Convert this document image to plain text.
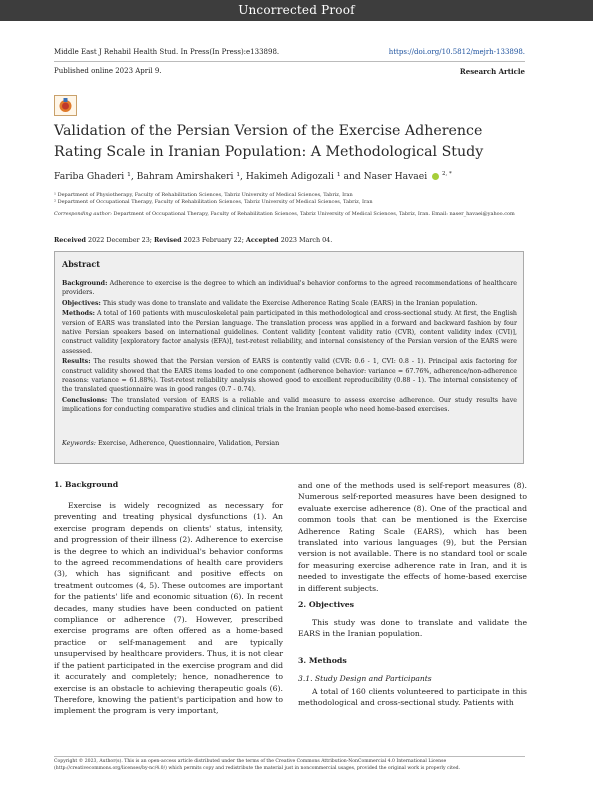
Uncorrected Proof
Middle East J Rehabil Health Stud. In Press(In Press):e133898.	https://doi.org/10.5812/mejrh-133898.
Published online 2023 April 9.	Research Article
Validation of the Persian Version of the Exercise Adherence Rating Scale in Iranian Population: A Methodological Study
Fariba Ghaderi ¹, Bahram Amirshakeri ¹, Hakimeh Adigozali ¹ and Naser Havaei	$^{2, *}$
¹ Department of Physiotherapy, Faculty of Rehabilitation Sciences, Tabriz University of Medical Sciences, Tabriz, Iran
² Department of Occupational Therapy, Faculty of Rehabilitation Sciences, Tabriz University of Medical Sciences, Tabriz, Iran
Corresponding author: Department of Occupational Therapy, Faculty of Rehabilitation Sciences, Tabriz University of Medical Sciences, Tabriz, Iran. Email: naser_havaei@yahoo.com
Received 2022 December 23; Revised 2023 February 22; Accepted 2023 March 04.
Abstract

Background: Adherence to exercise is the degree to which an individual's behavior conforms to the agreed recommendations of healthcare providers.

Objectives: This study was done to translate and validate the Exercise Adherence Rating Scale (EARS) in the Iranian population.

Methods: A total of 160 patients with musculoskeletal pain participated in this methodological and cross-sectional study. At first, the English version of EARS was translated into the Persian language. The translation process was applied in a forward and backward fashion by four native Persian speakers based on international guidelines. Content validity [content validity ratio (CVR), content validity index (CVI)], construct validity [exploratory factor analysis (EFA)], test-retest reliability, and internal consistency of the Persian version of the EARS were assessed.

Results: The results showed that the Persian version of EARS is contently valid (CVR: 0.6 - 1, CVI: 0.8 - 1). Principal axis factoring for construct validity showed that the EARS items loaded to one component (adherence behavior: variance = 67.76%, adherence/non-adherence reasons: variance = 61.88%). Test-retest reliability analysis showed good to excellent reproducibility (0.88 - 1). The internal consistency of the translated questionnaire was in good ranges (0.7 - 0.74).

Conclusions: The translated version of EARS is a reliable and valid measure to assess exercise adherence. Our study results have implications for conducting comparative studies and clinical trials in the Iranian people who need home-based exercises.

Keywords: Exercise, Adherence, Questionnaire, Validation, Persian
1. Background

Exercise is widely recognized as necessary for preventing and treating physical dysfunctions (1). An exercise program depends on clients' status, intensity, and progression of their illness (2). Adherence to exercise is the degree to which an individual's behavior conforms to the agreed recommendations of health care providers (3), which has significant and positive effects on treatment outcomes (4, 5). These outcomes are important for the patients' life and economic situation (6). In recent decades, many studies have been conducted on patient compliance or adherence (7). However, prescribed exercise programs are often offered as a home-based practice or self-management and are typically unsupervised by healthcare providers. Thus, it is not clear if the patient participated in the exercise program and did it accurately and completely; hence, nonadherence to exercise is an obstacle to achieving therapeutic goals (6). Therefore, knowing the patient's participation and how to implement the program is very important,

and one of the methods used is self-report measures (8). Numerous self-reported measures have been designed to evaluate exercise adherence (8). One of the practical and common tools that can be mentioned is the Exercise Adherence Rating Scale (EARS), which has been translated into various languages (9), but the Persian version is not available. There is no standard tool or scale for measuring exercise adherence rate in Iran, and it is needed to investigate the effects of home-based exercise in different subjects.

2. Objectives

This study was done to translate and validate the EARS in the Iranian population.

3. Methods
3.1. Study Design and Participants

A total of 160 clients volunteered to participate in this methodological and cross-sectional study. Patients with

Copyright © 2023, Author(s). This is an open-access article distributed under the terms of the Creative Commons Attribution-NonCommercial 4.0 International License (http://creativecommons.org/licenses/by-nc/4.0/) which permits copy and redistribute the material just in noncommercial usages, provided the original work is properly cited.
